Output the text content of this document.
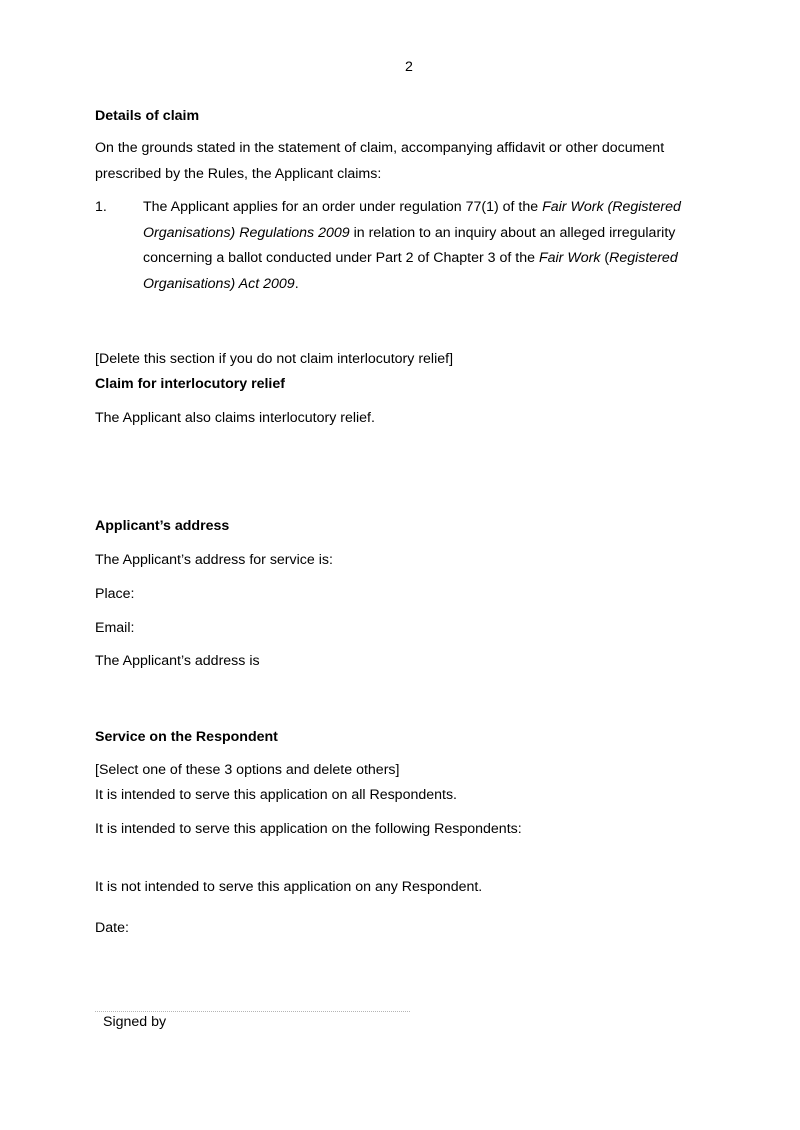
2
Details of claim
On the grounds stated in the statement of claim, accompanying affidavit or other document prescribed by the Rules, the Applicant claims:
1.	The Applicant applies for an order under regulation 77(1) of the Fair Work (Registered Organisations) Regulations 2009 in relation to an inquiry about an alleged irregularity concerning a ballot conducted under Part 2 of Chapter 3 of the Fair Work (Registered Organisations) Act 2009.
[Delete this section if you do not claim interlocutory relief]
Claim for interlocutory relief
The Applicant also claims interlocutory relief.
Applicant’s address
The Applicant’s address for service is:
Place:
Email:
The Applicant’s address is
Service on the Respondent
[Select one of these 3 options and delete others]
It is intended to serve this application on all Respondents.
It is intended to serve this application on the following Respondents:
It is not intended to serve this application on any Respondent.
Date:
Signed by
